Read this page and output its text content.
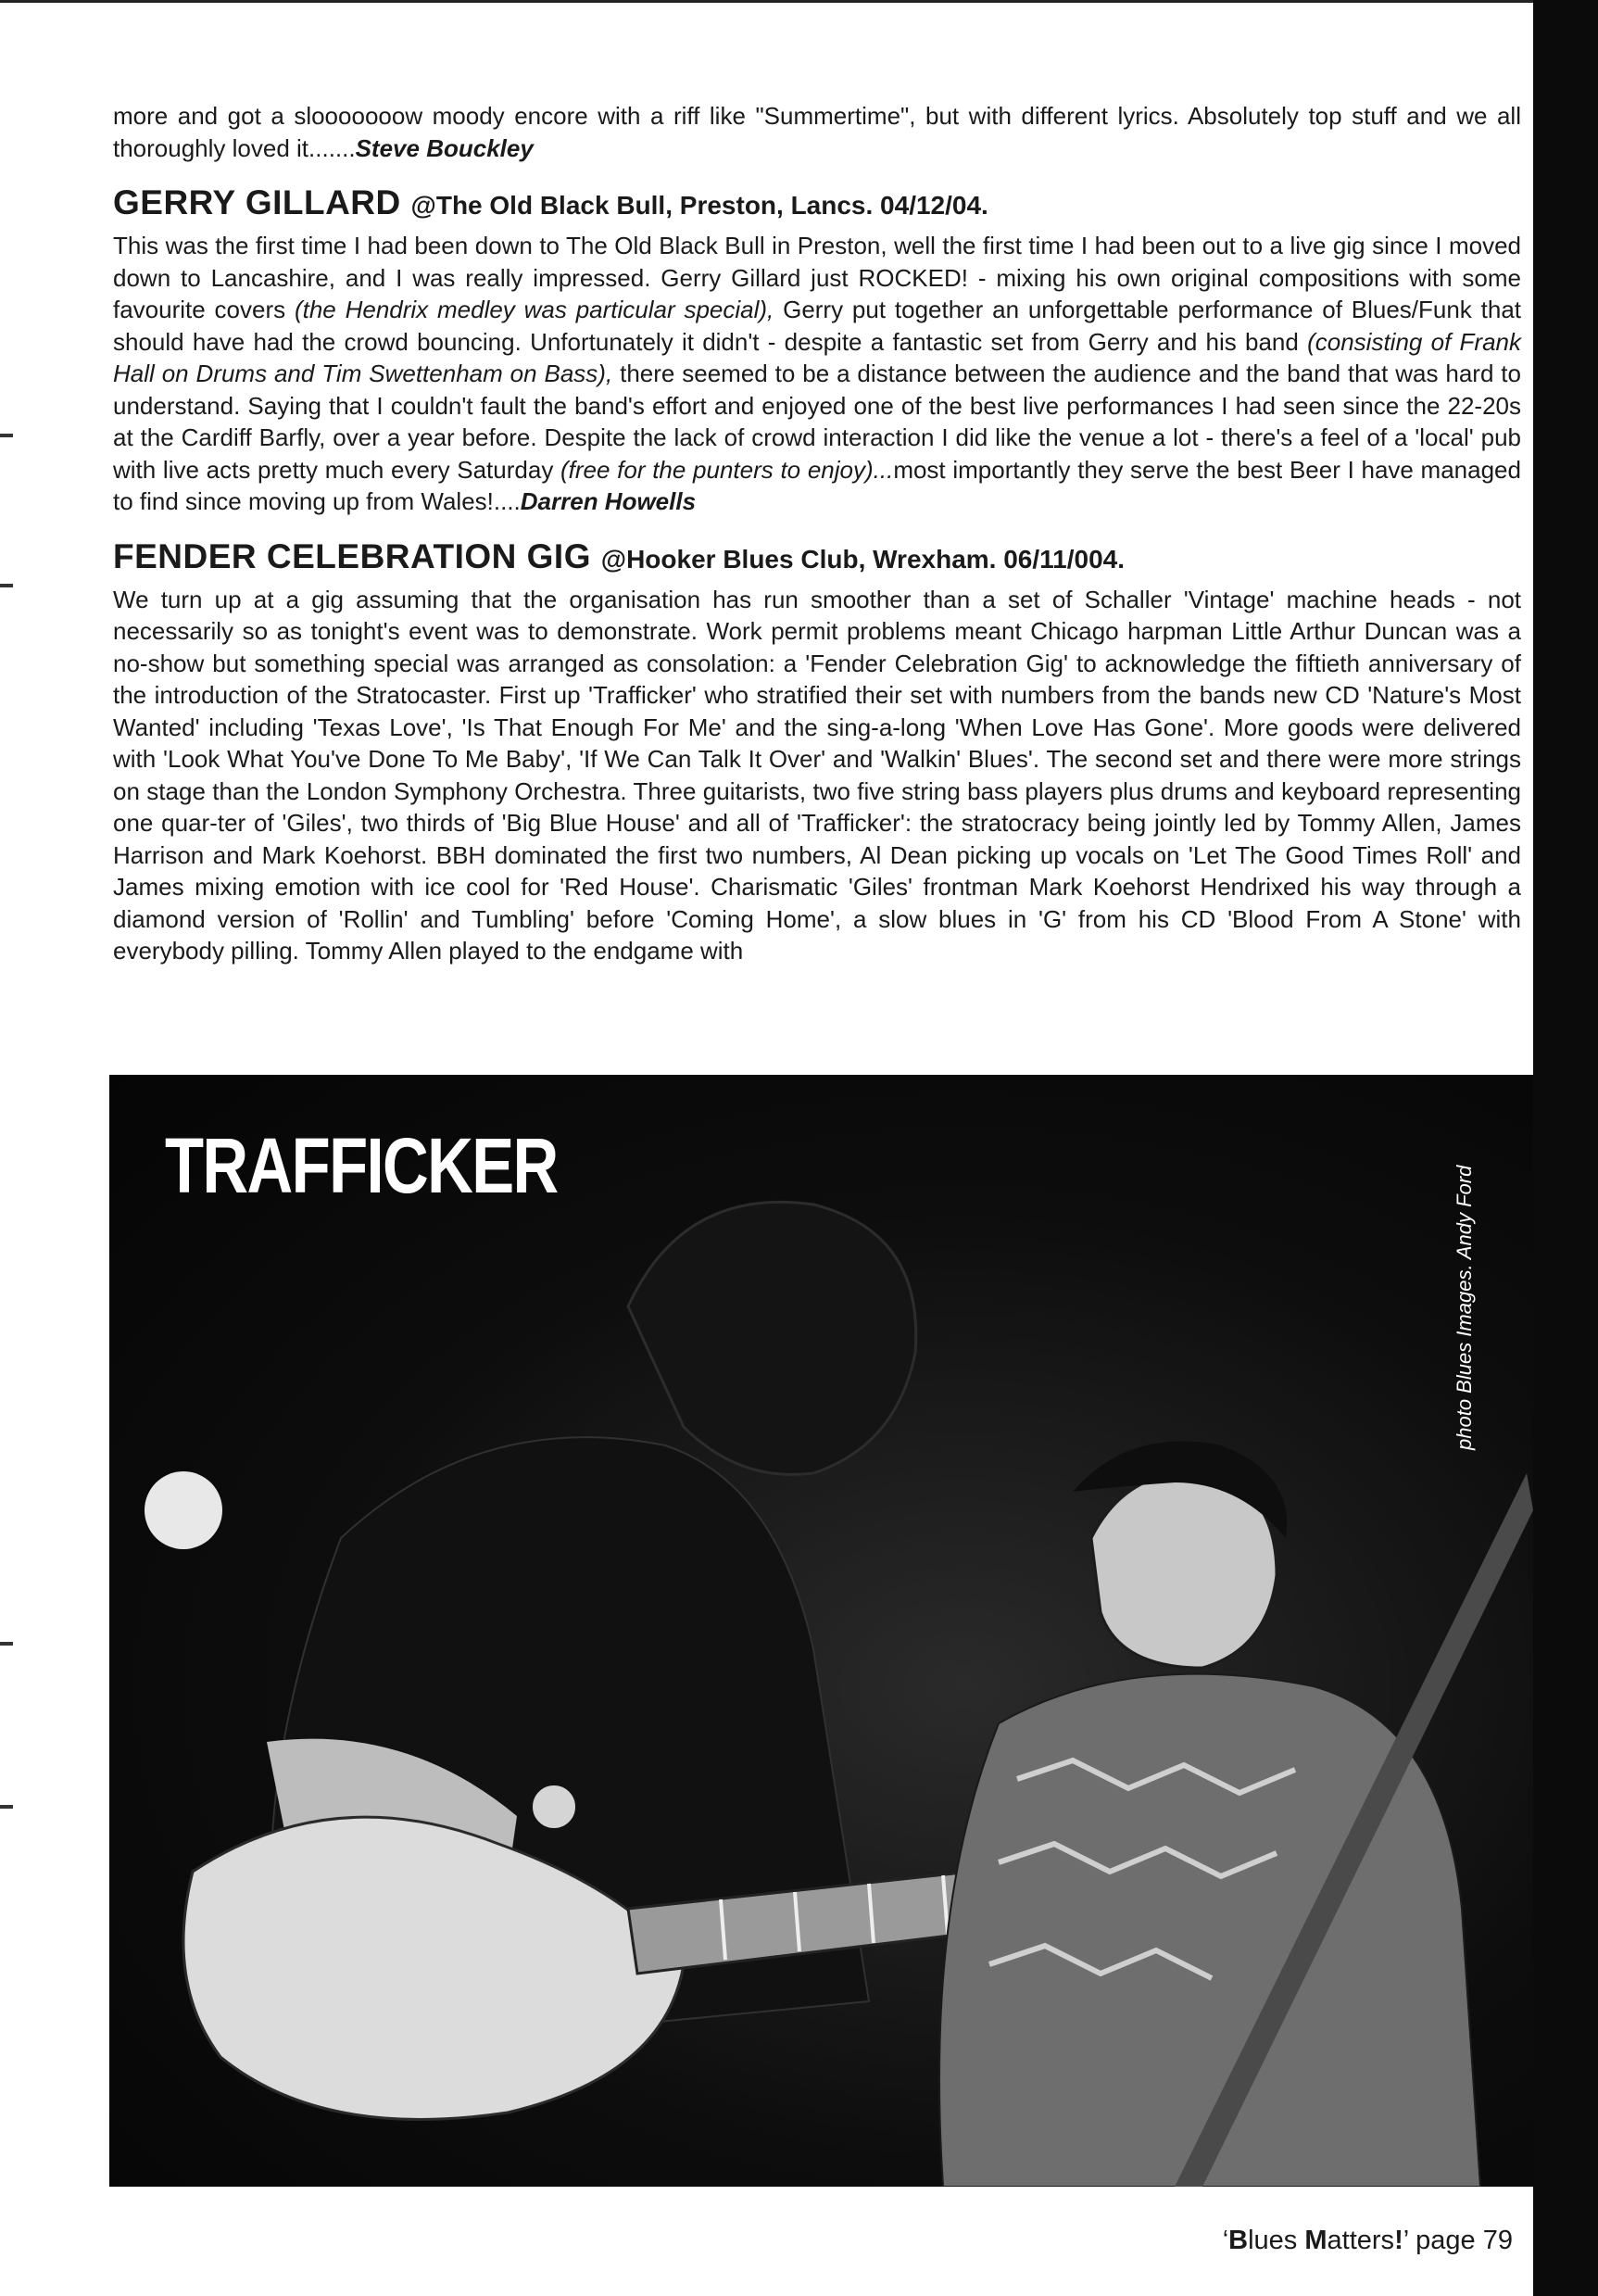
more and got a slooooooow moody encore with a riff like "Summertime", but with different lyrics. Absolutely top stuff and we all thoroughly loved it.......Steve Bouckley

GERRY GILLARD @The Old Black Bull, Preston, Lancs. 04/12/04.

This was the first time I had been down to The Old Black Bull in Preston, well the first time I had been out to a live gig since I moved down to Lancashire, and I was really impressed. Gerry Gillard just ROCKED! - mixing his own original compositions with some favourite covers (the Hendrix medley was particular special), Gerry put together an unforgettable performance of Blues/Funk that should have had the crowd bouncing. Unfortunately it didn't - despite a fantastic set from Gerry and his band (consisting of Frank Hall on Drums and Tim Swettenham on Bass), there seemed to be a distance between the audience and the band that was hard to understand. Saying that I couldn't fault the band's effort and enjoyed one of the best live performances I had seen since the 22-20s at the Cardiff Barfly, over a year before. Despite the lack of crowd interaction I did like the venue a lot - there's a feel of a 'local' pub with live acts pretty much every Saturday (free for the punters to enjoy)...most importantly they serve the best Beer I have managed to find since moving up from Wales!....Darren Howells

FENDER CELEBRATION GIG @Hooker Blues Club, Wrexham. 06/11/004.

We turn up at a gig assuming that the organisation has run smoother than a set of Schaller 'Vintage' machine heads - not necessarily so as tonight's event was to demonstrate. Work permit problems meant Chicago harpman Little Arthur Duncan was a no-show but something special was arranged as consolation: a 'Fender Celebration Gig' to acknowledge the fiftieth anniversary of the introduction of the Stratocaster. First up 'Trafficker' who stratified their set with numbers from the bands new CD 'Nature's Most Wanted' including 'Texas Love', 'Is That Enough For Me' and the sing-a-long 'When Love Has Gone'. More goods were delivered with 'Look What You've Done To Me Baby', 'If We Can Talk It Over' and 'Walkin' Blues'. The second set and there were more strings on stage than the London Symphony Orchestra. Three guitarists, two five string bass players plus drums and keyboard representing one quar-ter of 'Giles', two thirds of 'Big Blue House' and all of 'Trafficker': the stratocracy being jointly led by Tommy Allen, James Harrison and Mark Koehorst. BBH dominated the first two numbers, Al Dean picking up vocals on 'Let The Good Times Roll' and James mixing emotion with ice cool for 'Red House'. Charismatic 'Giles' frontman Mark Koehorst Hendrixed his way through a diamond version of 'Rollin' and Tumbling' before 'Coming Home', a slow blues in 'G' from his CD 'Blood From A Stone' with everybody pilling. Tommy Allen played to the endgame with

TRAFFICKER	photo Blues Images. Andy Ford
‘Blues Matters!’ page 79
